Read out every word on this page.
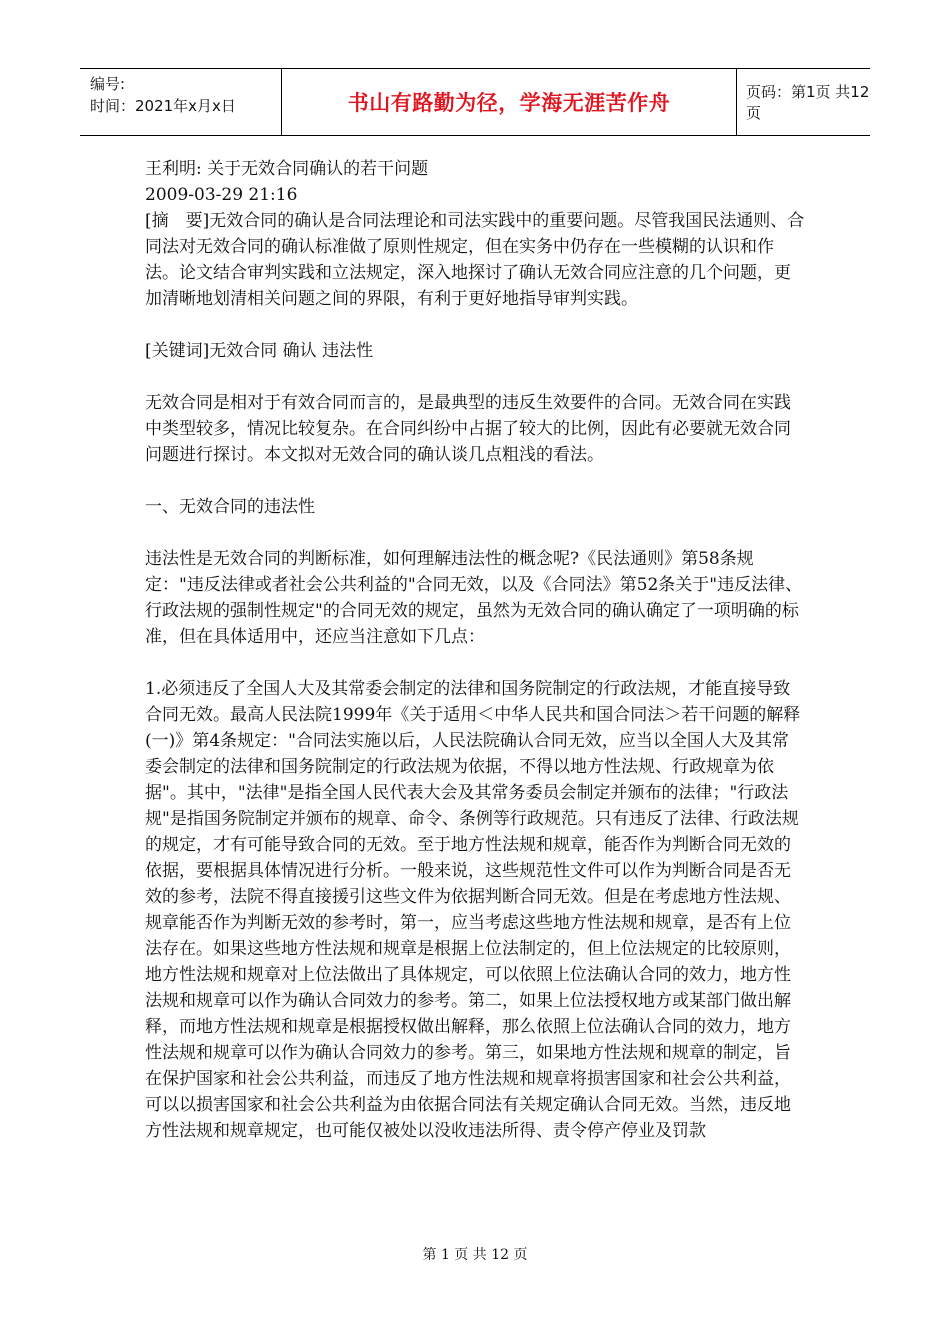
编号:
时间：2021年x月x日	书山有路勤为径，学海无涯苦作舟	页码：第1页 共12页

王利明: 关于无效合同确认的若干问题

2009-03-29 21:16

[摘　要]无效合同的确认是合同法理论和司法实践中的重要问题。尽管我国民法通则、合同法对无效合同的确认标准做了原则性规定，但在实务中仍存在一些模糊的认识和作法。论文结合审判实践和立法规定，深入地探讨了确认无效合同应注意的几个问题，更加清晰地划清相关问题之间的界限，有利于更好地指导审判实践。

[关键词]无效合同 确认 违法性

无效合同是相对于有效合同而言的，是最典型的违反生效要件的合同。无效合同在实践中类型较多，情况比较复杂。在合同纠纷中占据了较大的比例，因此有必要就无效合同问题进行探讨。本文拟对无效合同的确认谈几点粗浅的看法。

一、无效合同的违法性

违法性是无效合同的判断标准，如何理解违法性的概念呢?《民法通则》第58条规定："违反法律或者社会公共利益的"合同无效，以及《合同法》第52条关于"违反法律、行政法规的强制性规定"的合同无效的规定，虽然为无效合同的确认确定了一项明确的标准，但在具体适用中，还应当注意如下几点：

1.必须违反了全国人大及其常委会制定的法律和国务院制定的行政法规，才能直接导致合同无效。最高人民法院1999年《关于适用＜中华人民共和国合同法＞若干问题的解释(一)》第4条规定："合同法实施以后，人民法院确认合同无效，应当以全国人大及其常委会制定的法律和国务院制定的行政法规为依据，不得以地方性法规、行政规章为依据"。其中，"法律"是指全国人民代表大会及其常务委员会制定并颁布的法律；"行政法规"是指国务院制定并颁布的规章、命令、条例等行政规范。只有违反了法律、行政法规的规定，才有可能导致合同的无效。至于地方性法规和规章，能否作为判断合同无效的依据，要根据具体情况进行分析。一般来说，这些规范性文件可以作为判断合同是否无效的参考，法院不得直接援引这些文件为依据判断合同无效。但是在考虑地方性法规、规章能否作为判断无效的参考时，第一，应当考虑这些地方性法规和规章，是否有上位法存在。如果这些地方性法规和规章是根据上位法制定的，但上位法规定的比较原则，地方性法规和规章对上位法做出了具体规定，可以依照上位法确认合同的效力，地方性法规和规章可以作为确认合同效力的参考。第二，如果上位法授权地方或某部门做出解释，而地方性法规和规章是根据授权做出解释，那么依照上位法确认合同的效力，地方性法规和规章可以作为确认合同效力的参考。第三，如果地方性法规和规章的制定，旨在保护国家和社会公共利益，而违反了地方性法规和规章将损害国家和社会公共利益，可以以损害国家和社会公共利益为由依据合同法有关规定确认合同无效。当然，违反地方性法规和规章规定，也可能仅被处以没收违法所得、责令停产停业及罚款

第 1 页 共 12 页
